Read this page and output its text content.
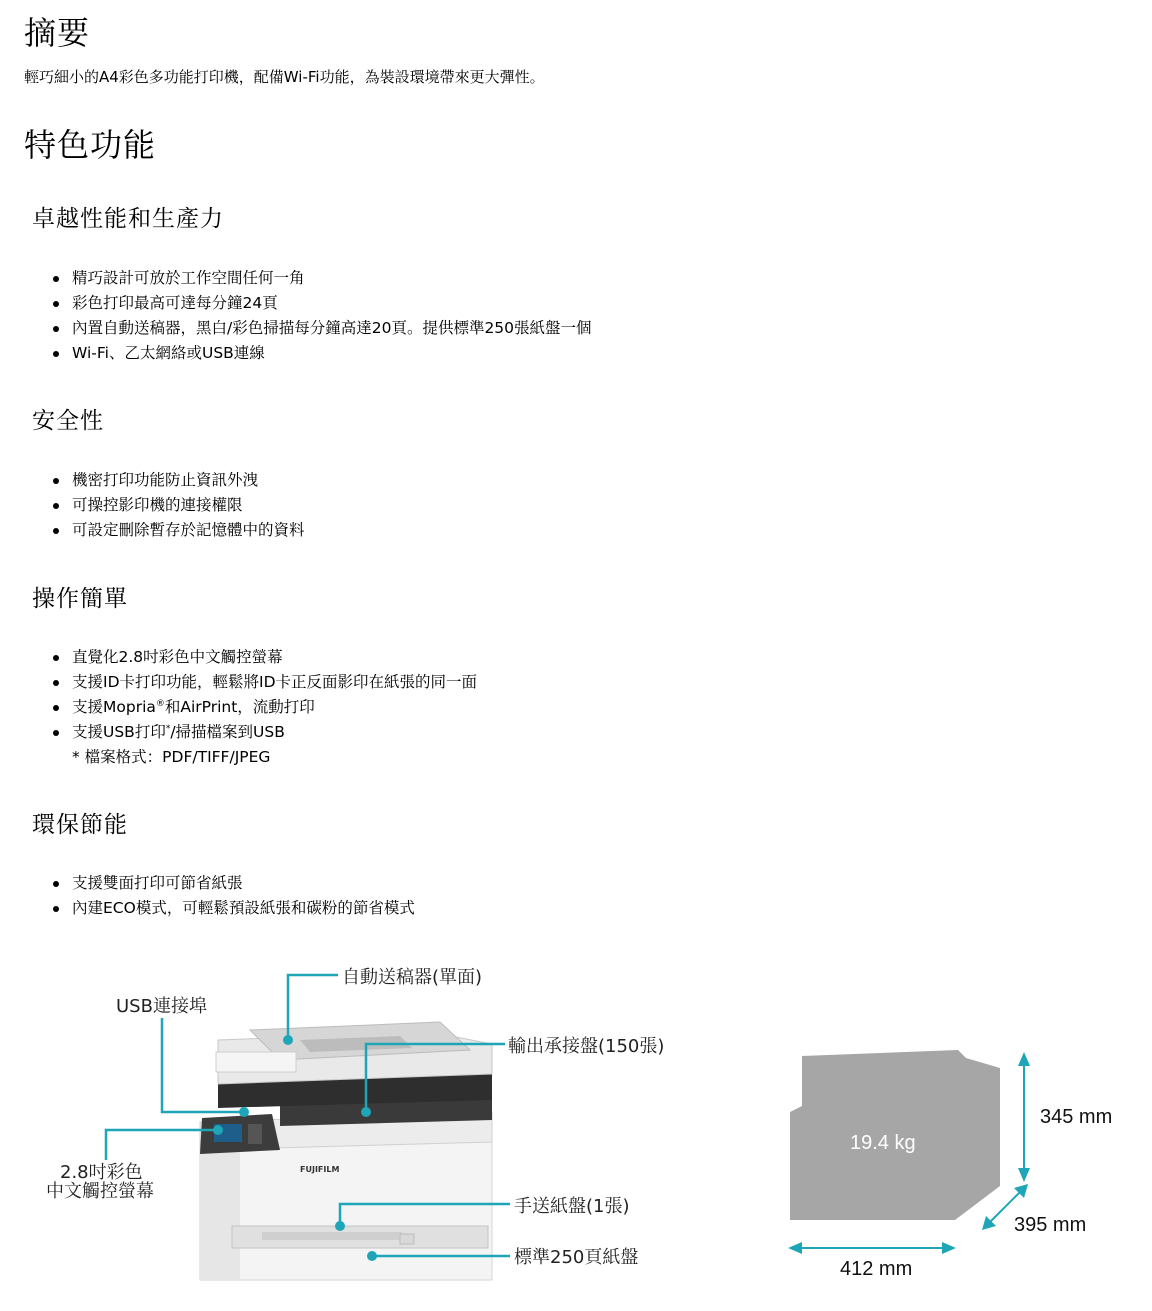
摘要

輕巧細小的A4彩色多功能打印機，配備Wi-Fi功能，為裝設環境帶來更大彈性。

特色功能
卓越性能和生產力
精巧設計可放於工作空間任何一角
彩色打印最高可達每分鐘24頁
內置自動送稿器，黑白/彩色掃描每分鐘高達20頁。提供標準250張紙盤一個
Wi-Fi、乙太網絡或USB連線
安全性
機密打印功能防止資訊外洩
可操控影印機的連接權限
可設定刪除暫存於記憶體中的資料
操作簡單
直覺化2.8吋彩色中文觸控螢幕
支援ID卡打印功能，輕鬆將ID卡正反面影印在紙張的同一面
支援Mopria®和AirPrint，流動打印
支援USB打印*/掃描檔案到USB
* 檔案格式：PDF/TIFF/JPEG
環保節能
支援雙面打印可節省紙張
內建ECO模式，可輕鬆預設紙張和碳粉的節省模式
FUJIFILM
自動送稿器(單面)
USB連接埠
輸出承接盤(150張)
2.8吋彩色
中文觸控螢幕
手送紙盤(1張)
標準250頁紙盤
19.4 kg
345 mm
395 mm
412 mm
